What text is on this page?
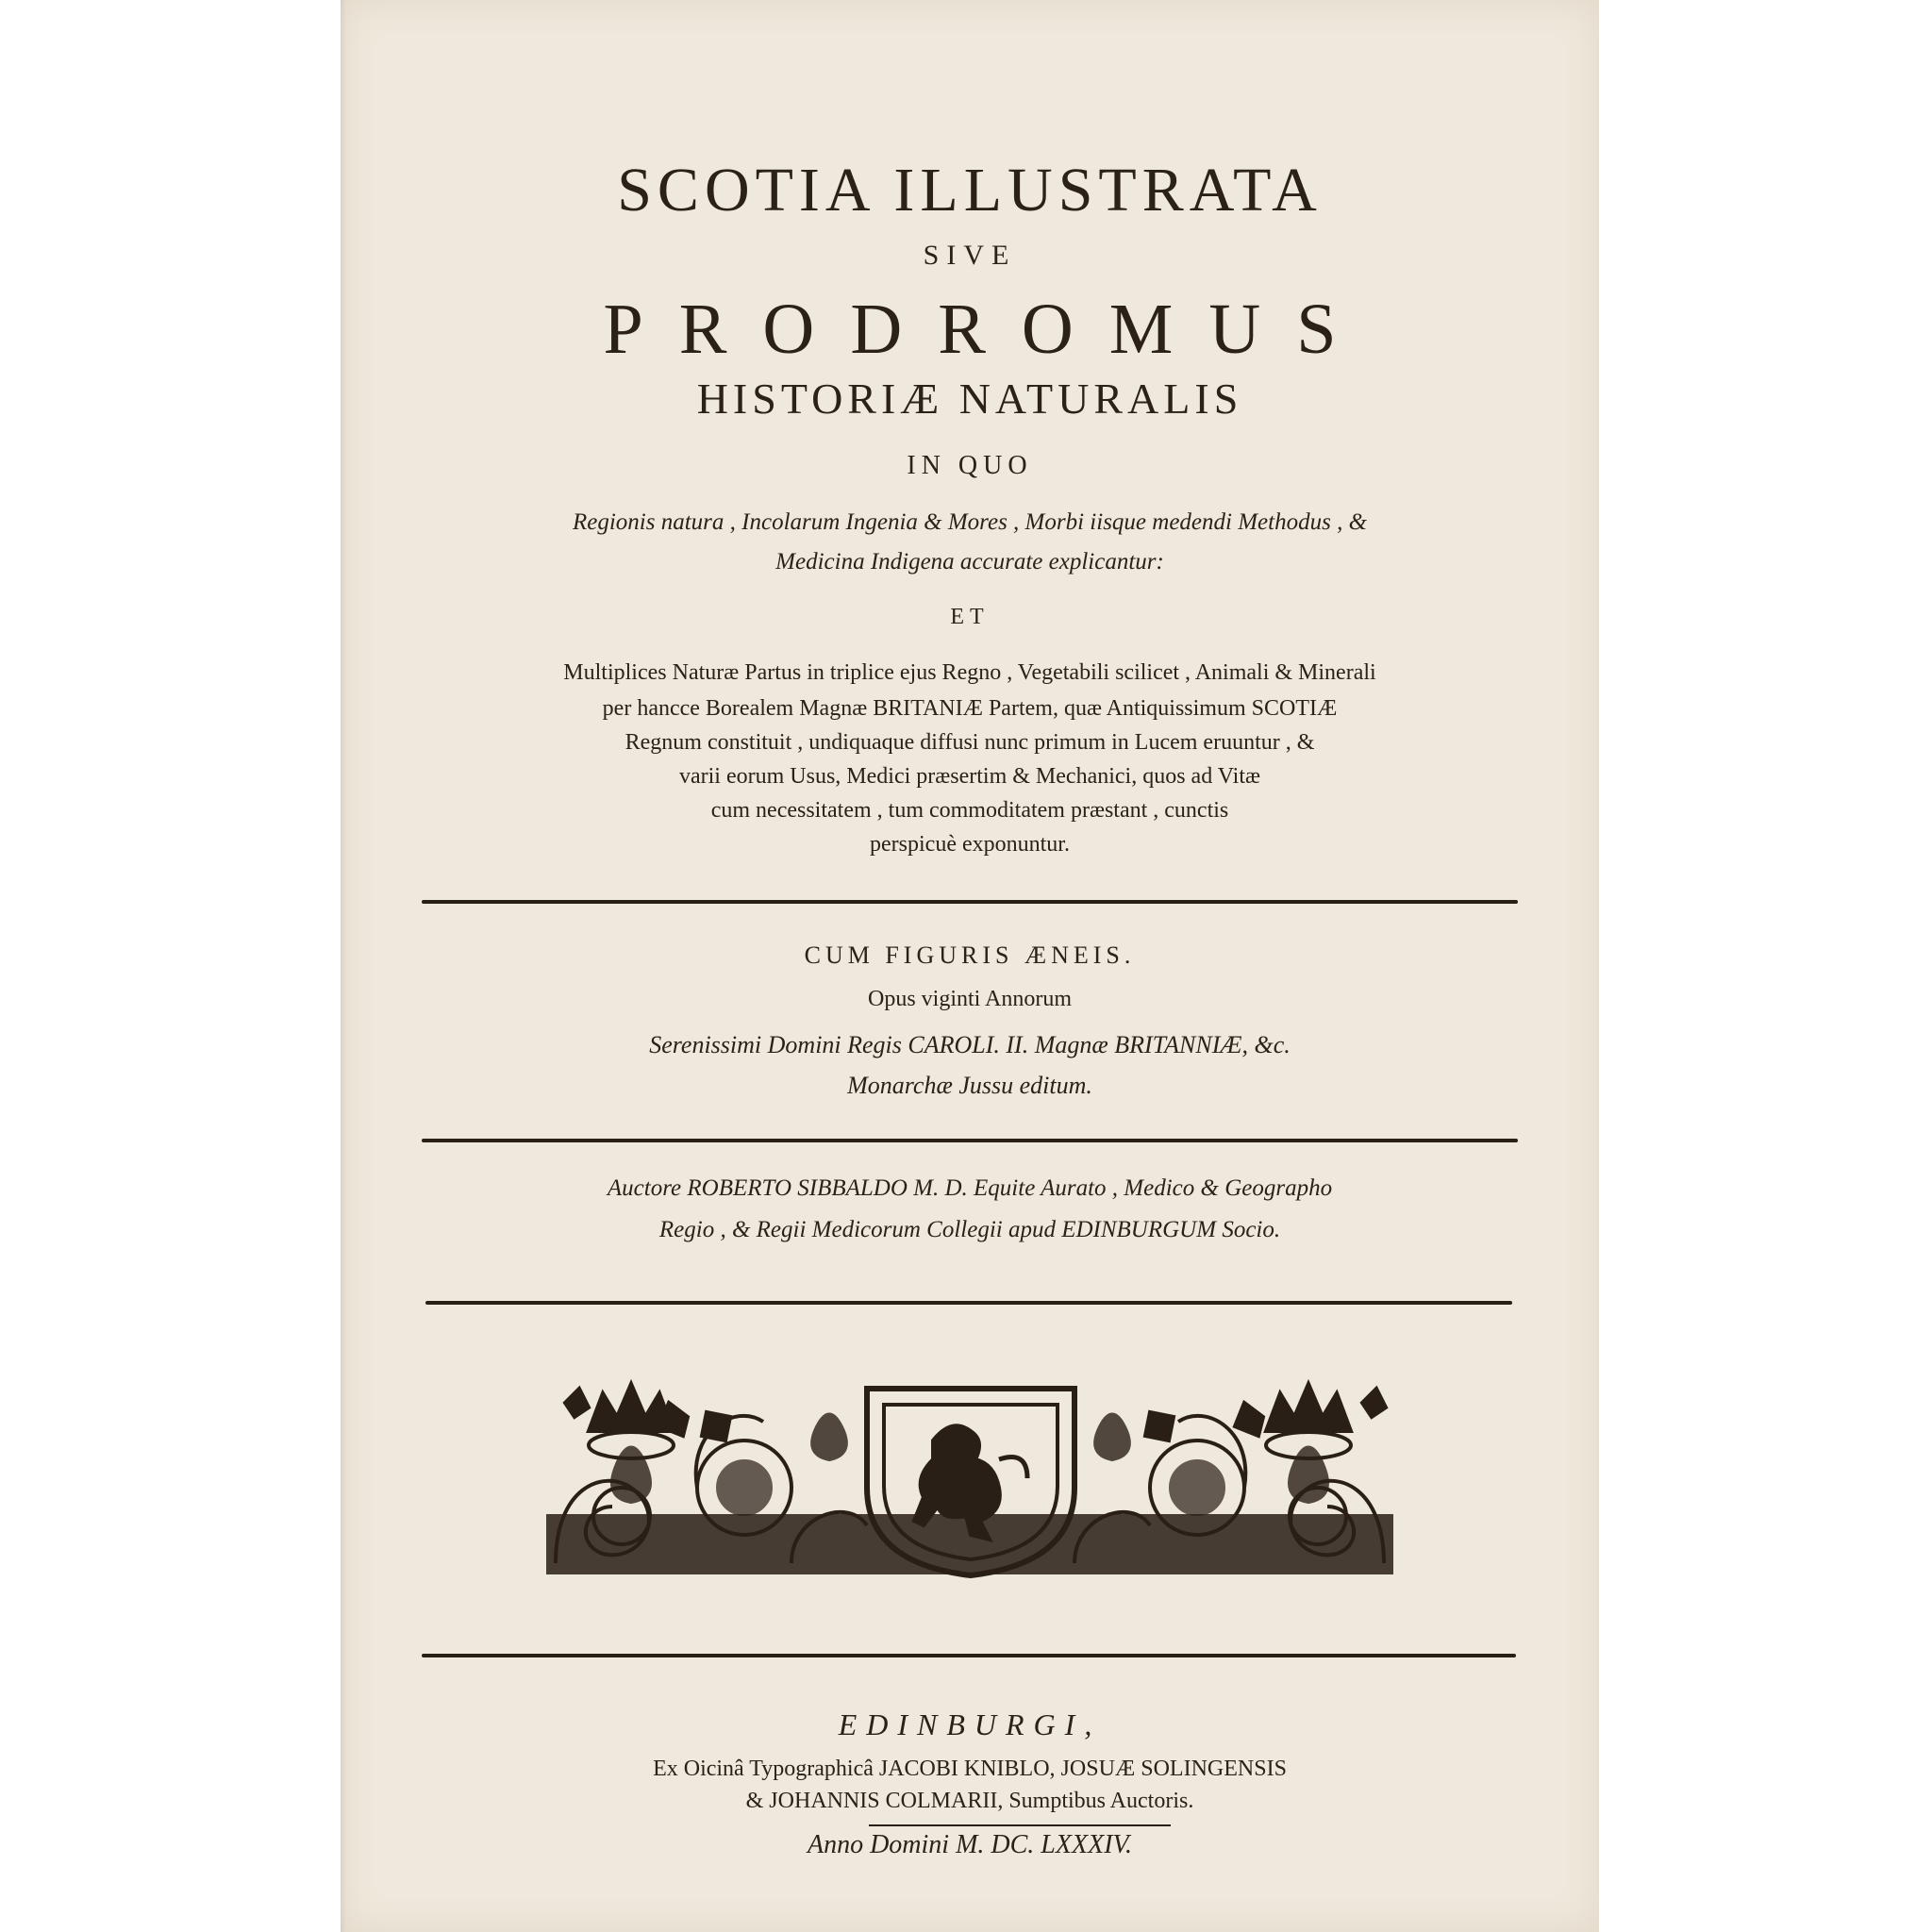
SCOTIA ILLUSTRATA
SIVE
PRODROMUS
HISTORIÆ NATURALIS
IN QUO
Regionis natura , Incolarum Ingenia & Mores , Morbi iisque medendi Methodus , &
Medicina Indigena accurate explicantur:
ET
Multiplices Naturæ Partus in triplice ejus Regno , Vegetabili scilicet , Animali & Minerali
per hancce Borealem Magnæ BRITANIÆ Partem, quæ Antiquissimum SCOTIÆ
Regnum constituit , undiquaque diffusi nunc primum in Lucem eruuntur , &
varii eorum Usus, Medici præsertim & Mechanici, quos ad Vitæ
cum necessitatem , tum commoditatem præstant , cunctis
perspicuè exponuntur.
CUM FIGURIS ÆNEIS.
Opus viginti Annorum
Serenissimi Domini Regis CAROLI. II. Magnæ BRITANNIÆ, &c.
Monarchæ Jussu editum.
Auctore ROBERTO SIBBALDO M. D. Equite Aurato , Medico & Geographo
Regio , & Regii Medicorum Collegii apud EDINBURGUM Socio.
EDINBURGI,
Ex Oicinâ Typographicâ JACOBI KNIBLO, JOSUÆ SOLINGENSIS
& JOHANNIS COLMARII, Sumptibus Auctoris.
Anno Domini M. DC. LXXXIV.
